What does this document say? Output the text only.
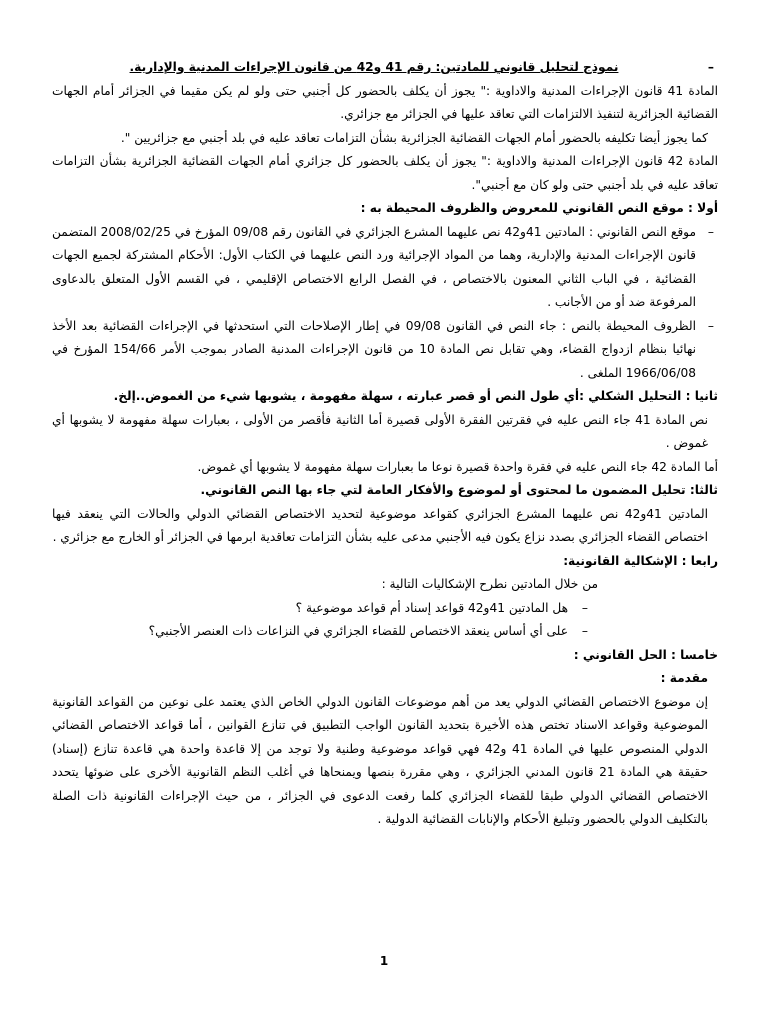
– نموذج لتحليل قانوني للمادتين: رقم 41 و42 من قانون الإجراءات المدنية والإدارية.

المادة 41 قانون الإجراءات المدنية والاداوية :" يجوز أن يكلف بالحضور كل أجنبي حتى ولو لم يكن مقيما في الجزائر أمام الجهات القضائية الجزائرية لتنفيذ الالتزامات التي تعاقد عليها في الجزائر مع جزائري.

كما يجوز أيضا تكليفه بالحضور أمام الجهات القضائية الجزائرية بشأن التزامات تعاقد عليه في بلد أجنبي مع جزائريين ".

المادة 42 قانون الإجراءات المدنية والاداوية :" يجوز أن يكلف بالحضور كل جزائري أمام الجهات القضائية الجزائرية بشأن التزامات تعاقد عليه في بلد أجنبي حتى ولو كان مع أجنبي".

أولا : موقع النص القانوني للمعروض والظروف المحيطة به :

– موقع النص القانوني : المادتين 41و42 نص عليهما المشرع الجزائري في القانون رقم 09/08 المؤرخ في 2008/02/25 المتضمن قانون الإجراءات المدنية والإدارية، وهما من المواد الإجرائية ورد النص عليهما في الكتاب الأول: الأحكام المشتركة لجميع الجهات القضائية ، في الباب الثاني المعنون بالاختصاص ، في الفصل الرابع الاختصاص الإقليمي ، في القسم الأول المتعلق بالدعاوى المرفوعة ضد أو من الأجانب .

– الظروف المحيطة بالنص : جاء النص في القانون 09/08 في إطار الإصلاحات التي استحدثها في الإجراءات القضائية بعد الأخذ نهائيا بنظام ازدواج القضاء، وهي تقابل نص المادة 10 من قانون الإجراءات المدنية الصادر بموجب الأمر 154/66 المؤرخ في 1966/06/08 الملغى .

ثانيا : التحليل الشكلي :أي طول النص أو قصر عبارته ، سهلة مفهومة ، يشوبها شيء من الغموض..إلخ.

نص المادة 41 جاء النص عليه في فقرتين الفقرة الأولى قصيرة أما الثانية فأقصر من الأولى ، بعبارات سهلة مفهومة لا يشوبها أي غموض .

أما المادة 42 جاء النص عليه في فقرة واحدة قصيرة نوعا ما بعبارات سهلة مفهومة لا يشوبها أي غموض.

ثالثا: تحليل المضمون ما لمحتوى أو لموضوع والأفكار العامة لتي جاء بها النص القانوني.

المادتين 41و42 نص عليهما المشرع الجزائري كقواعد موضوعية لتحديد الاختصاص القضائي الدولي والحالات التي ينعقد فيها اختصاص القضاء الجزائري بصدد نزاع يكون فيه الأجنبي مدعى عليه بشأن التزامات تعاقدية ابرمها في الجزائر أو الخارج مع جزائري .

رابعا : الإشكالية القانونية:

من خلال المادتين نطرح الإشكاليات التالية :

–
هل المادتين 41و42 قواعد إسناد أم قواعد موضوعية ؟

–
على أي أساس ينعقد الاختصاص للقضاء الجزائري في النزاعات ذات العنصر الأجنبي؟

خامسا : الحل القانوني :

مقدمة :

إن موضوع الاختصاص القضائي الدولي يعد من أهم موضوعات القانون الدولي الخاص الذي يعتمد على نوعين من القواعد القانونية الموضوعية وقواعد الاسناد تختص هذه الأخيرة بتحديد القانون الواجب التطبيق في تنازع القوانين ، أما قواعد الاختصاص القضائي الدولي المنصوص عليها في المادة 41 و42 فهي قواعد موضوعية وطنية ولا توجد من إلا قاعدة واحدة هي قاعدة تنازع (إسناد) حقيقة هي المادة 21 قانون المدني الجزائري ، وهي مقررة بنصها ويمنحاها في أغلب النظم القانونية الأخرى على ضوئها يتحدد الاختصاص القضائي الدولي طبقا للقضاء الجزائري كلما رفعت الدعوى في الجزائر ، من حيث الإجراءات القانونية ذات الصلة بالتكليف الدولي بالحضور وتبليغ الأحكام والإنابات القضائية الدولية .

1
